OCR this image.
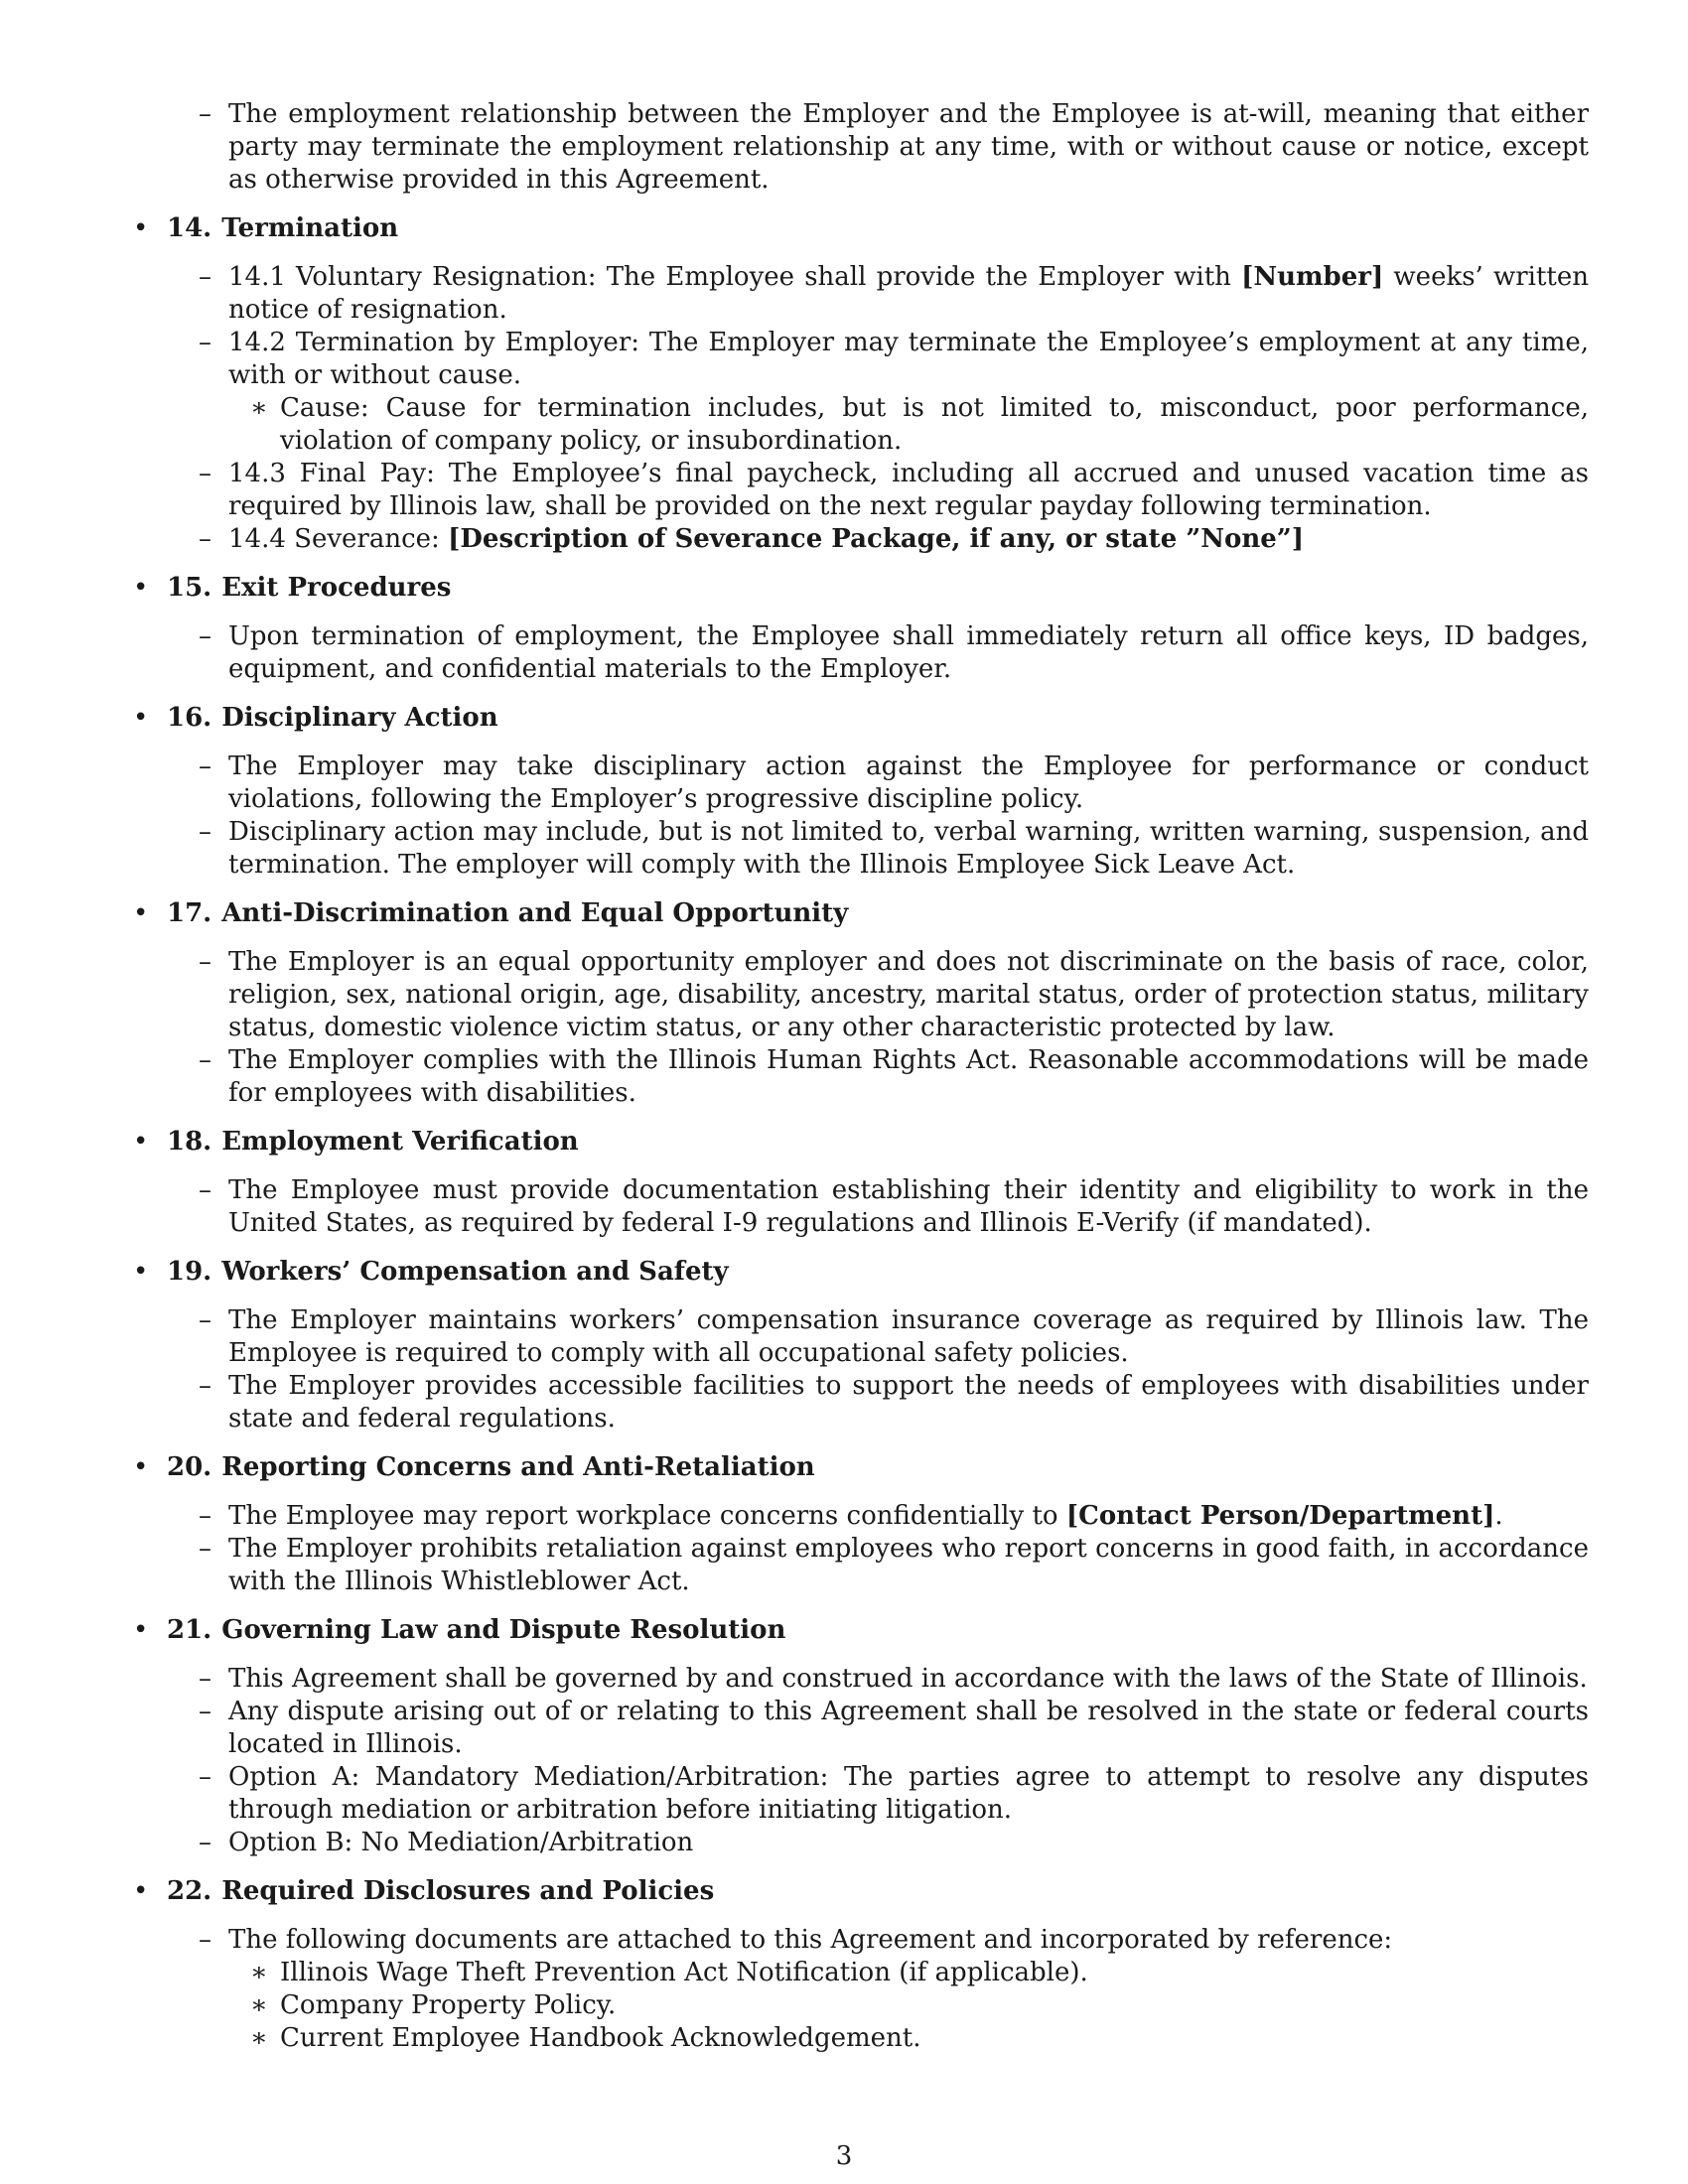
– The employment relationship between the Employer and the Employee is at-will, meaning that either party may terminate the employment relationship at any time, with or without cause or notice, except as otherwise provided in this Agreement.

• 14. Termination

– 14.1 Voluntary Resignation: The Employee shall provide the Employer with [Number] weeks’ written notice of resignation.

– 14.2 Termination by Employer: The Employer may terminate the Employee’s employment at any time, with or without cause.

∗ Cause: Cause for termination includes, but is not limited to, misconduct, poor performance, violation of company policy, or insubordination.

– 14.3 Final Pay: The Employee’s final paycheck, including all accrued and unused vacation time as required by Illinois law, shall be provided on the next regular payday following termination.

– 14.4 Severance: [Description of Severance Package, if any, or state ”None”]

• 15. Exit Procedures

– Upon termination of employment, the Employee shall immediately return all office keys, ID badges, equipment, and confidential materials to the Employer.

• 16. Disciplinary Action

– The Employer may take disciplinary action against the Employee for performance or conduct violations, following the Employer’s progressive discipline policy.

– Disciplinary action may include, but is not limited to, verbal warning, written warning, suspension, and termination. The employer will comply with the Illinois Employee Sick Leave Act.

• 17. Anti-Discrimination and Equal Opportunity

– The Employer is an equal opportunity employer and does not discriminate on the basis of race, color, religion, sex, national origin, age, disability, ancestry, marital status, order of protection status, military status, domestic violence victim status, or any other characteristic protected by law.

– The Employer complies with the Illinois Human Rights Act. Reasonable accommodations will be made for employees with disabilities.

• 18. Employment Verification

– The Employee must provide documentation establishing their identity and eligibility to work in the United States, as required by federal I-9 regulations and Illinois E-Verify (if mandated).

• 19. Workers’ Compensation and Safety

– The Employer maintains workers’ compensation insurance coverage as required by Illinois law. The Employee is required to comply with all occupational safety policies.

– The Employer provides accessible facilities to support the needs of employees with disabilities under state and federal regulations.

• 20. Reporting Concerns and Anti-Retaliation

– The Employee may report workplace concerns confidentially to [Contact Person/Department].

– The Employer prohibits retaliation against employees who report concerns in good faith, in accordance with the Illinois Whistleblower Act.

• 21. Governing Law and Dispute Resolution

– This Agreement shall be governed by and construed in accordance with the laws of the State of Illinois.

– Any dispute arising out of or relating to this Agreement shall be resolved in the state or federal courts located in Illinois.

– Option A: Mandatory Mediation/Arbitration: The parties agree to attempt to resolve any disputes through mediation or arbitration before initiating litigation.

– Option B: No Mediation/Arbitration

• 22. Required Disclosures and Policies

– The following documents are attached to this Agreement and incorporated by reference:

∗ Illinois Wage Theft Prevention Act Notification (if applicable).

∗ Company Property Policy.

∗ Current Employee Handbook Acknowledgement.

3
